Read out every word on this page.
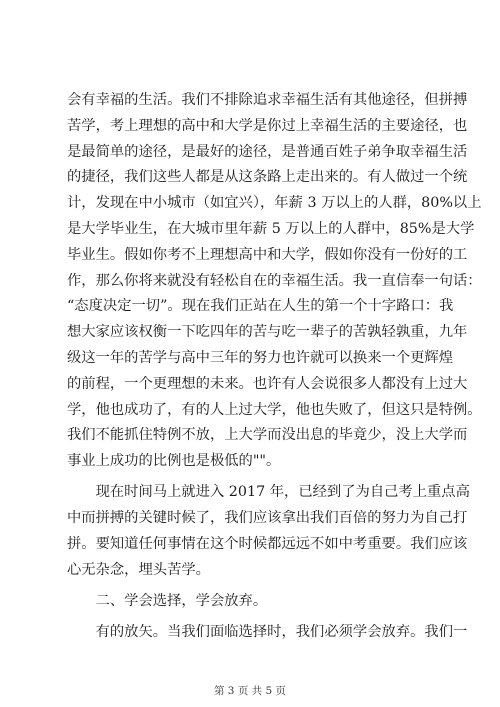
会有幸福的生活。我们不排除追求幸福生活有其他途径，但拼搏
苦学，考上理想的高中和大学是你过上幸福生活的主要途径，也
是最简单的途径，是最好的途径，是普通百姓子弟争取幸福生活
的捷径，我们这些人都是从这条路上走出来的。有人做过一个统
计，发现在中小城市（如宜兴），年薪 3 万以上的人群，80%以上
是大学毕业生，在大城市里年薪 5 万以上的人群中，85%是大学
毕业生。假如你考不上理想高中和大学，假如你没有一份好的工
作，那么你将来就没有轻松自在的幸福生活。我一直信奉一句话：
“态度决定一切”。现在我们正站在人生的第一个十字路口：我
想大家应该权衡一下吃四年的苦与吃一辈子的苦孰轻孰重，九年
级这一年的苦学与高中三年的努力也许就可以换来一个更辉煌
的前程，一个更理想的未来。也许有人会说很多人都没有上过大
学，他也成功了，有的人上过大学，他也失败了，但这只是特例。
我们不能抓住特例不放，上大学而没出息的毕竟少，没上大学而
事业上成功的比例也是极低的""。
　　现在时间马上就进入 2017 年，已经到了为自己考上重点高
中而拼搏的关键时候了，我们应该拿出我们百倍的努力为自己打
拼。要知道任何事情在这个时候都远远不如中考重要。我们应该
心无杂念，埋头苦学。
　　二、学会选择，学会放弃。
　　有的放矢。当我们面临选择时，我们必须学会放弃。我们一
第 3 页 共 5 页
